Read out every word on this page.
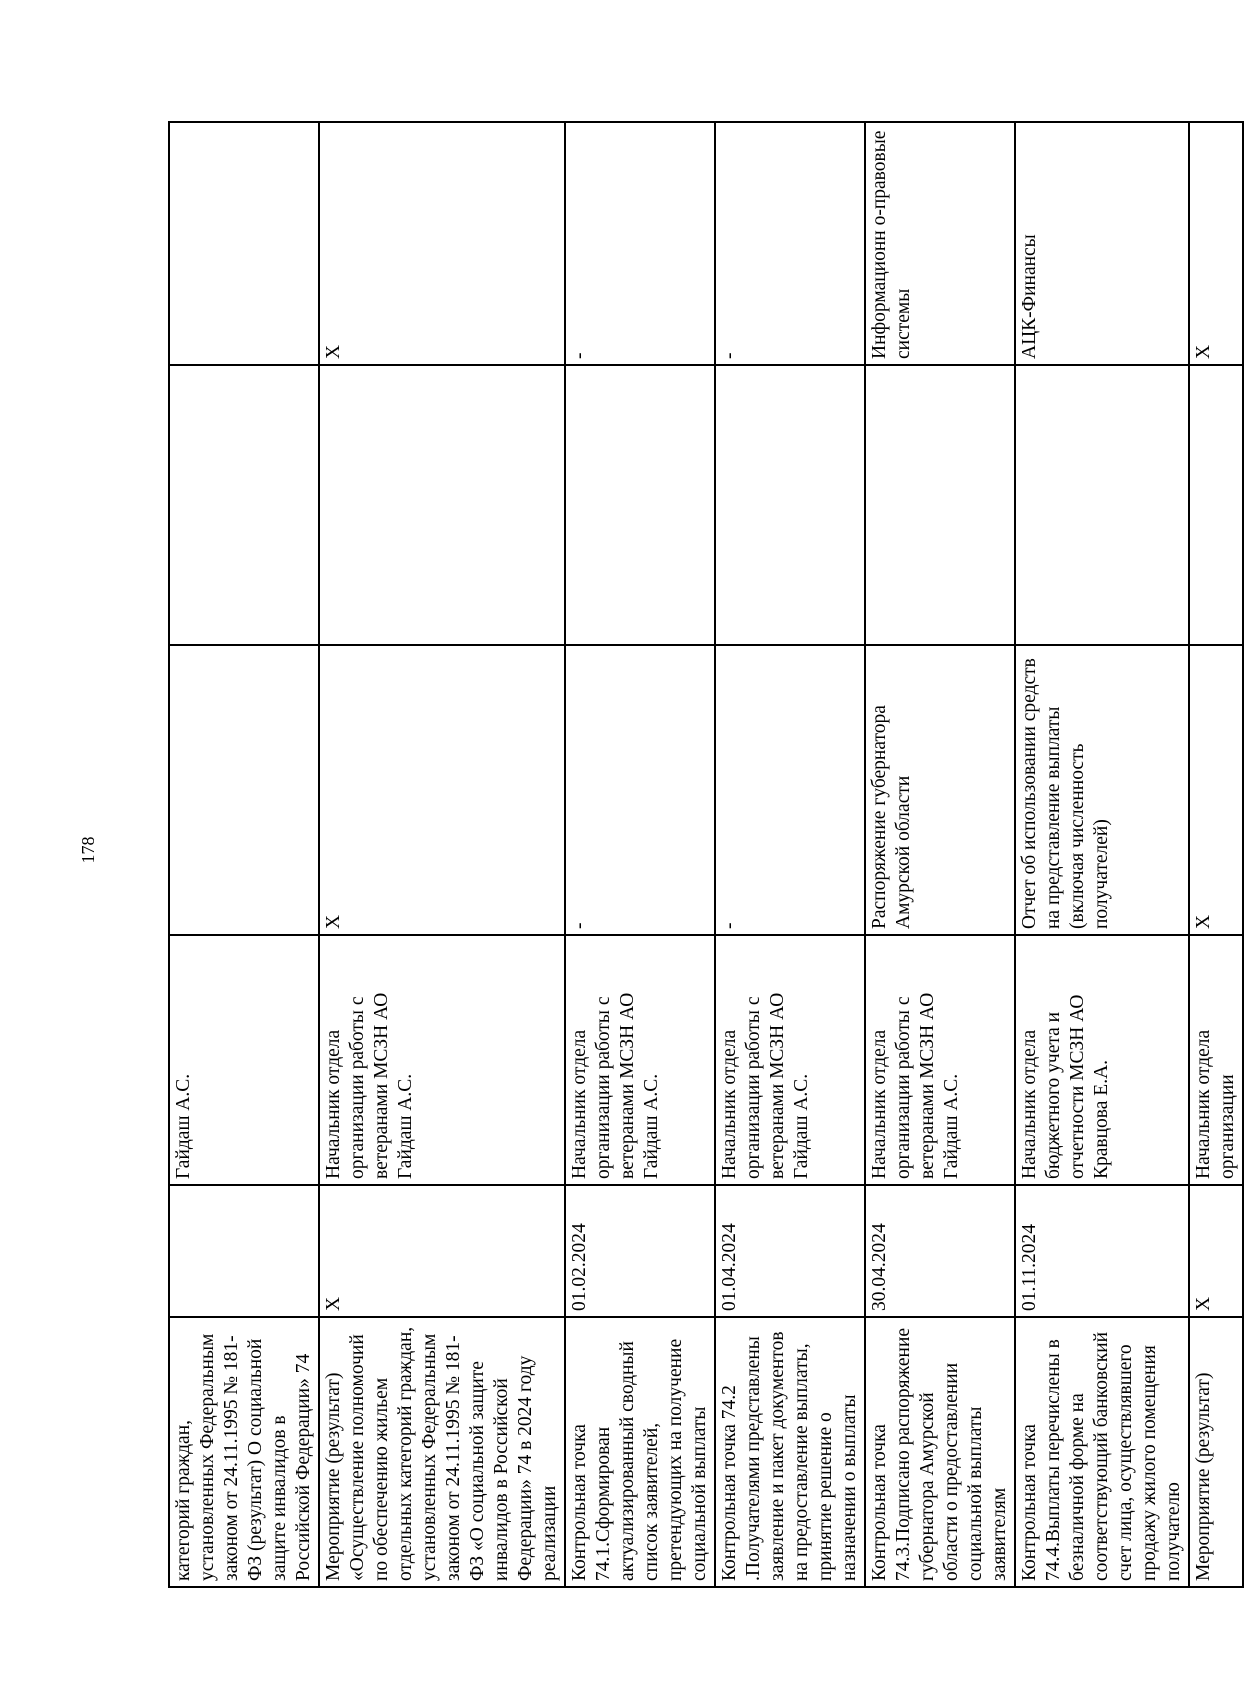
178
категорий граждан, установленных Федеральным законом от 24.11.1995 № 181-ФЗ (результат) О социальной защите инвалидов в Российской Федерации» 74		Гайдаш А.С.			
Мероприятие (результат) «Осуществление полномочий по обеспечению жильем отдельных категорий граждан, установленных Федеральным законом от 24.11.1995 № 181-ФЗ «О социальной защите инвалидов в Российской Федерации» 74 в 2024 году реализации	Х	Начальник отдела организации работы с ветеранами МСЗН АО Гайдаш А.С.	Х		Х
Контрольная точка 74.1.Сформирован актуализированный сводный список заявителей, претендующих на получение социальной выплаты	01.02.2024	Начальник отдела организации работы с ветеранами МСЗН АО Гайдаш А.С.	-		-
Контрольная точка 74.2 .Получателями представлены заявление и пакет документов на предоставление выплаты, принятие решение о назначении о выплаты	01.04.2024	Начальник отдела организации работы с ветеранами МСЗН АО Гайдаш А.С.	-		-
Контрольная точка 74.3.Подписано распоряжение губернатора Амурской области о предоставлении социальной выплаты заявителям	30.04.2024	Начальник отдела организации работы с ветеранами МСЗН АО Гайдаш А.С.	Распоряжение губернатора Амурской области		Информационн о-правовые системы
Контрольная точка 74.4.Выплаты перечислены в безналичной форме на соответствующий банковский счет лица, осуществлявшего продажу жилого помещения получателю	01.11.2024	Начальник отдела бюджетного учета и отчетности МСЗН АО Кравцова Е.А.	Отчет об использовании средств на представление выплаты (включая численность получателей)		АЦК-Финансы
Мероприятие (результат)	Х	Начальник отдела организации	Х		Х
